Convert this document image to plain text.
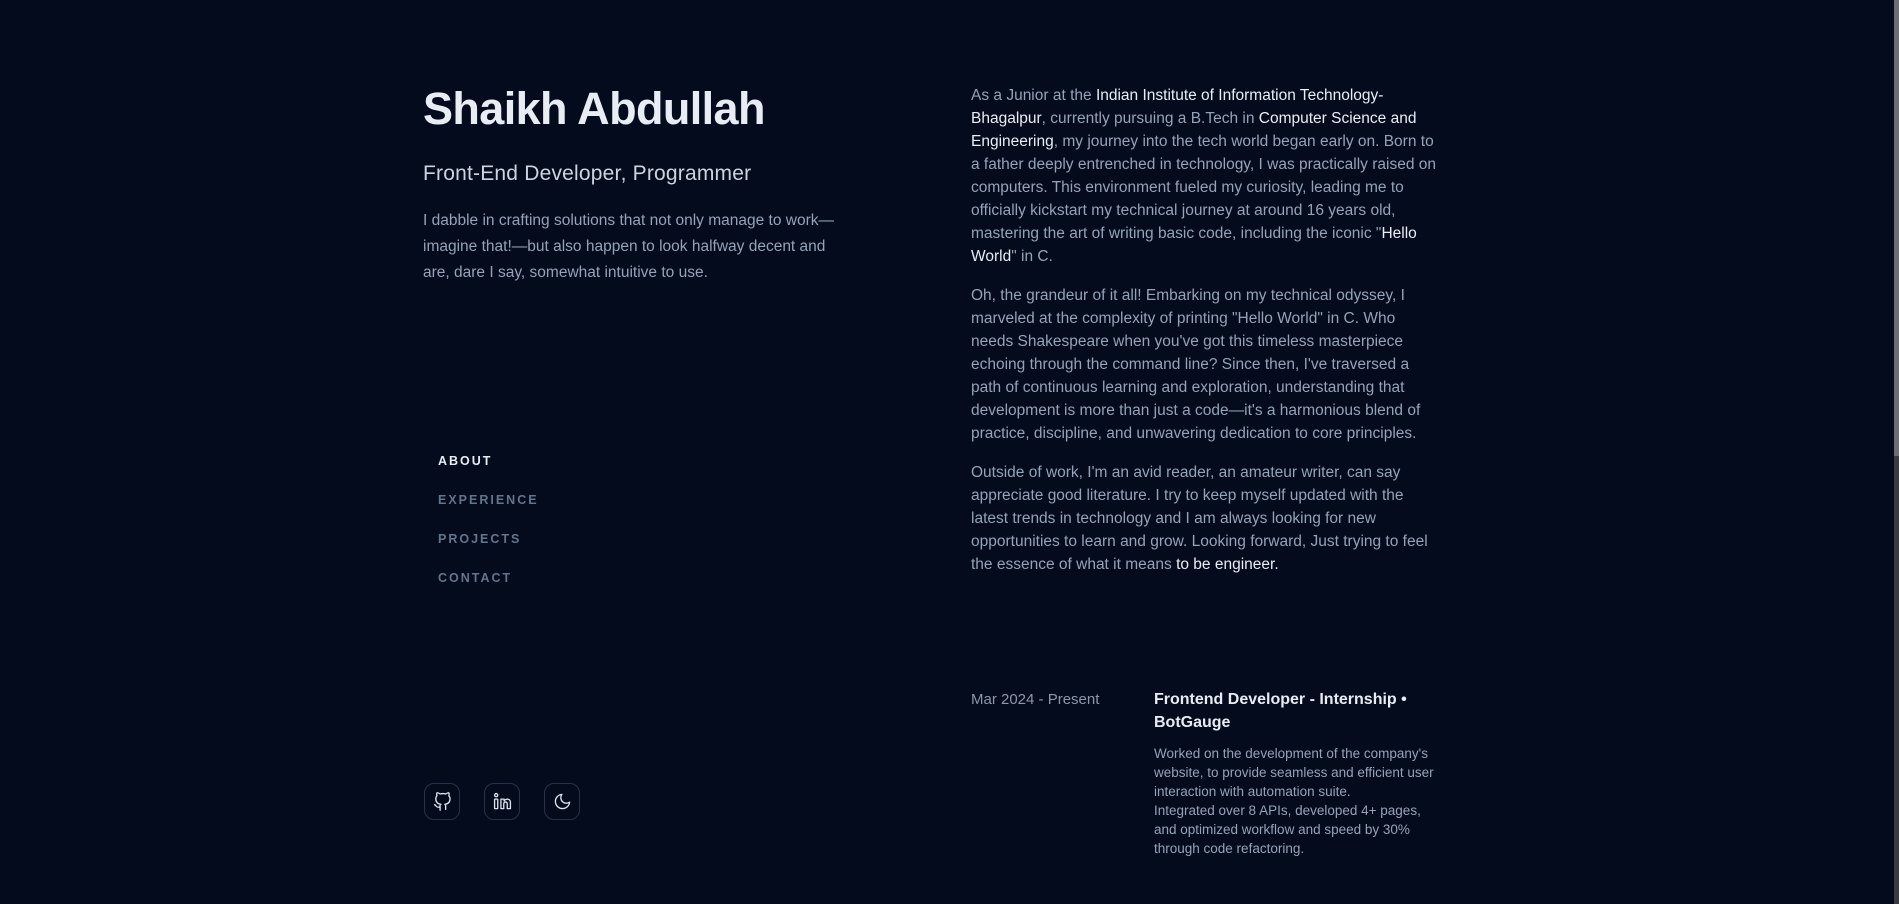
Shaikh Abdullah
Front-End Developer, Programmer

I dabble in crafting solutions that not only manage to work—imagine that!—but also happen to look halfway decent and are, dare I say, somewhat intuitive to use.

ABOUT
EXPERIENCE
PROJECTS
CONTACT

As a Junior at the Indian Institute of Information Technology-Bhagalpur, currently pursuing a B.Tech in Computer Science and Engineering, my journey into the tech world began early on. Born to a father deeply entrenched in technology, I was practically raised on computers. This environment fueled my curiosity, leading me to officially kickstart my technical journey at around 16 years old, mastering the art of writing basic code, including the iconic "Hello World" in C.

Oh, the grandeur of it all! Embarking on my technical odyssey, I marveled at the complexity of printing "Hello World" in C. Who needs Shakespeare when you've got this timeless masterpiece echoing through the command line? Since then, I've traversed a path of continuous learning and exploration, understanding that development is more than just a code—it's a harmonious blend of practice, discipline, and unwavering dedication to core principles.

Outside of work, I'm an avid reader, an amateur writer, can say appreciate good literature. I try to keep myself updated with the latest trends in technology and I am always looking for new opportunities to learn and grow. Looking forward, Just trying to feel the essence of what it means to be engineer.

Mar 2024 - Present	Frontend Developer - Internship • BotGauge
Worked on the development of the company's website, to provide seamless and efficient user interaction with automation suite.
Integrated over 8 APIs, developed 4+ pages, and optimized workflow and speed by 30% through code refactoring.
